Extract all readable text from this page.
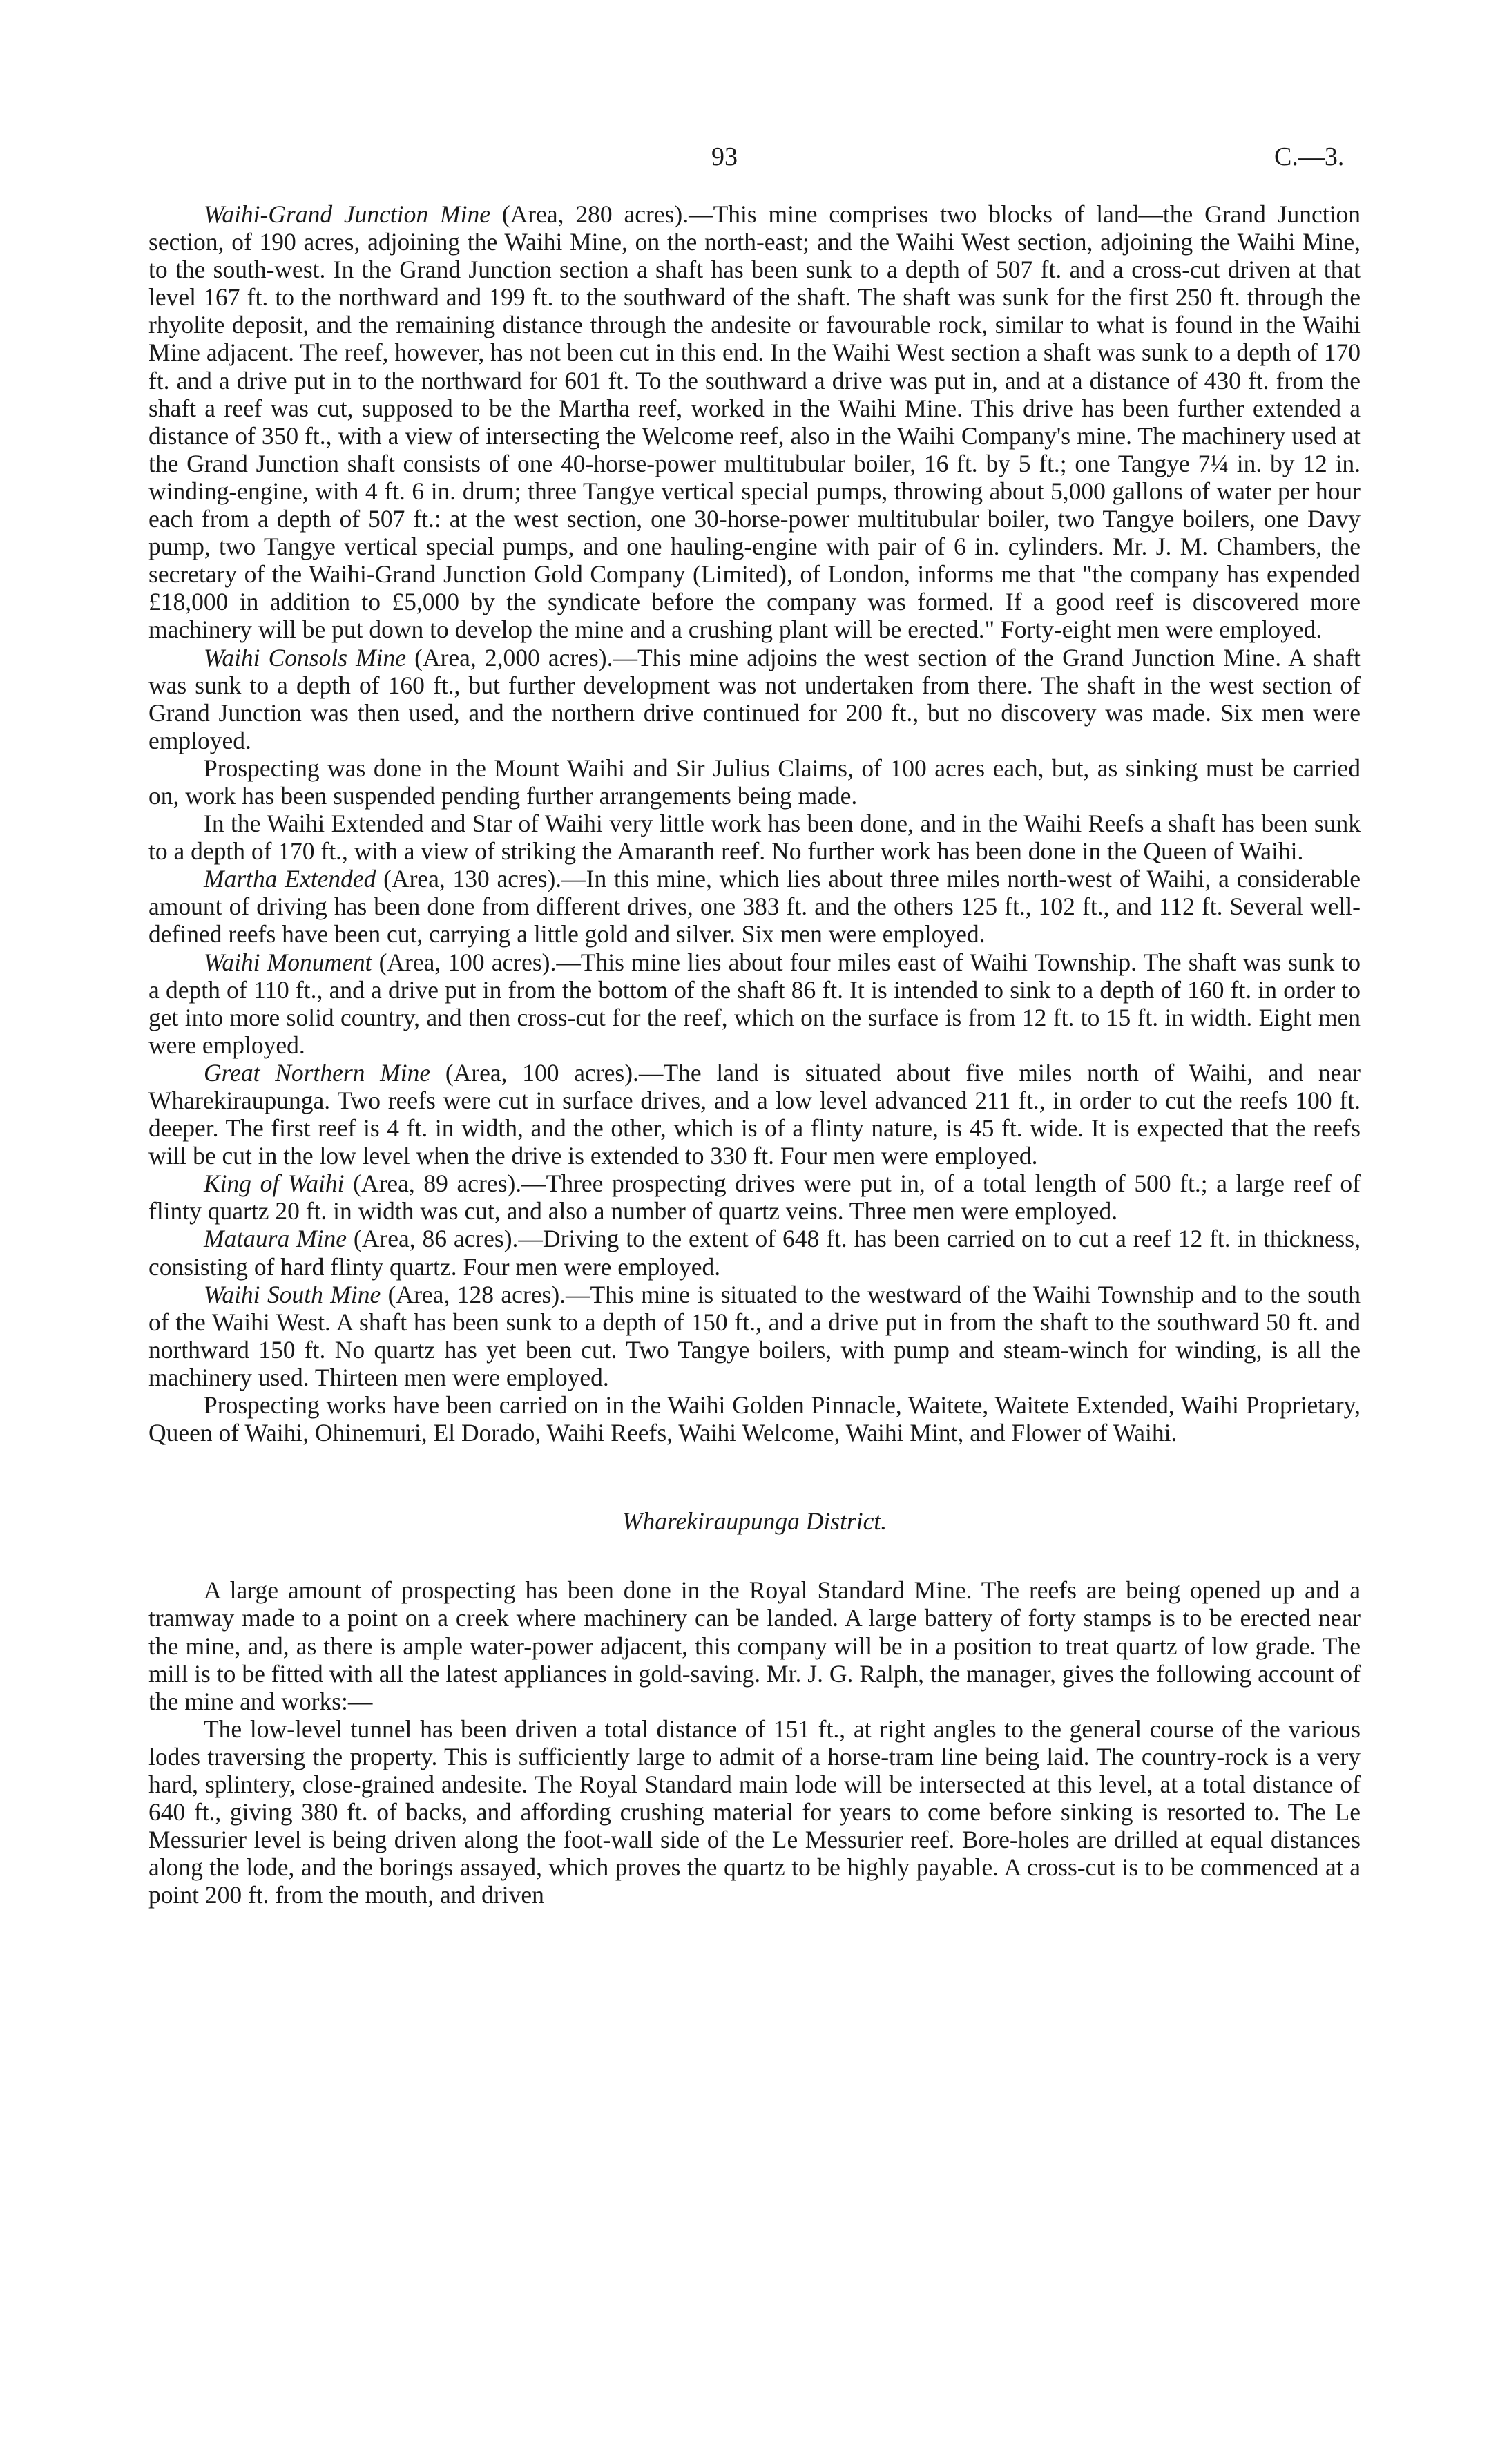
93	C.—3.

Waihi-Grand Junction Mine (Area, 280 acres).—This mine comprises two blocks of land—the Grand Junction section, of 190 acres, adjoining the Waihi Mine, on the north-east; and the Waihi West section, adjoining the Waihi Mine, to the south-west. In the Grand Junction section a shaft has been sunk to a depth of 507 ft. and a cross-cut driven at that level 167 ft. to the northward and 199 ft. to the southward of the shaft. The shaft was sunk for the first 250 ft. through the rhyolite deposit, and the remaining distance through the andesite or favourable rock, similar to what is found in the Waihi Mine adjacent. The reef, however, has not been cut in this end. In the Waihi West section a shaft was sunk to a depth of 170 ft. and a drive put in to the northward for 601 ft. To the southward a drive was put in, and at a distance of 430 ft. from the shaft a reef was cut, supposed to be the Martha reef, worked in the Waihi Mine. This drive has been further extended a distance of 350 ft., with a view of intersecting the Welcome reef, also in the Waihi Company's mine. The machinery used at the Grand Junction shaft consists of one 40-horse-power multitubular boiler, 16 ft. by 5 ft.; one Tangye 7¼ in. by 12 in. winding-engine, with 4 ft. 6 in. drum; three Tangye vertical special pumps, throwing about 5,000 gallons of water per hour each from a depth of 507 ft.: at the west section, one 30-horse-power multitubular boiler, two Tangye boilers, one Davy pump, two Tangye vertical special pumps, and one hauling-engine with pair of 6 in. cylinders. Mr. J. M. Chambers, the secretary of the Waihi-Grand Junction Gold Company (Limited), of London, informs me that "the company has expended £18,000 in addition to £5,000 by the syndicate before the company was formed. If a good reef is discovered more machinery will be put down to develop the mine and a crushing plant will be erected." Forty-eight men were employed.

Waihi Consols Mine (Area, 2,000 acres).—This mine adjoins the west section of the Grand Junction Mine. A shaft was sunk to a depth of 160 ft., but further development was not undertaken from there. The shaft in the west section of Grand Junction was then used, and the northern drive continued for 200 ft., but no discovery was made. Six men were employed.

Prospecting was done in the Mount Waihi and Sir Julius Claims, of 100 acres each, but, as sinking must be carried on, work has been suspended pending further arrangements being made.

In the Waihi Extended and Star of Waihi very little work has been done, and in the Waihi Reefs a shaft has been sunk to a depth of 170 ft., with a view of striking the Amaranth reef. No further work has been done in the Queen of Waihi.

Martha Extended (Area, 130 acres).—In this mine, which lies about three miles north-west of Waihi, a considerable amount of driving has been done from different drives, one 383 ft. and the others 125 ft., 102 ft., and 112 ft. Several well-defined reefs have been cut, carrying a little gold and silver. Six men were employed.

Waihi Monument (Area, 100 acres).—This mine lies about four miles east of Waihi Township. The shaft was sunk to a depth of 110 ft., and a drive put in from the bottom of the shaft 86 ft. It is intended to sink to a depth of 160 ft. in order to get into more solid country, and then cross-cut for the reef, which on the surface is from 12 ft. to 15 ft. in width. Eight men were employed.

Great Northern Mine (Area, 100 acres).—The land is situated about five miles north of Waihi, and near Wharekiraupunga. Two reefs were cut in surface drives, and a low level advanced 211 ft., in order to cut the reefs 100 ft. deeper. The first reef is 4 ft. in width, and the other, which is of a flinty nature, is 45 ft. wide. It is expected that the reefs will be cut in the low level when the drive is extended to 330 ft. Four men were employed.

King of Waihi (Area, 89 acres).—Three prospecting drives were put in, of a total length of 500 ft.; a large reef of flinty quartz 20 ft. in width was cut, and also a number of quartz veins. Three men were employed.

Mataura Mine (Area, 86 acres).—Driving to the extent of 648 ft. has been carried on to cut a reef 12 ft. in thickness, consisting of hard flinty quartz. Four men were employed.

Waihi South Mine (Area, 128 acres).—This mine is situated to the westward of the Waihi Township and to the south of the Waihi West. A shaft has been sunk to a depth of 150 ft., and a drive put in from the shaft to the southward 50 ft. and northward 150 ft. No quartz has yet been cut. Two Tangye boilers, with pump and steam-winch for winding, is all the machinery used. Thirteen men were employed.

Prospecting works have been carried on in the Waihi Golden Pinnacle, Waitete, Waitete Extended, Waihi Proprietary, Queen of Waihi, Ohinemuri, El Dorado, Waihi Reefs, Waihi Welcome, Waihi Mint, and Flower of Waihi.

Wharekiraupunga District.

A large amount of prospecting has been done in the Royal Standard Mine. The reefs are being opened up and a tramway made to a point on a creek where machinery can be landed. A large battery of forty stamps is to be erected near the mine, and, as there is ample water-power adjacent, this company will be in a position to treat quartz of low grade. The mill is to be fitted with all the latest appliances in gold-saving. Mr. J. G. Ralph, the manager, gives the following account of the mine and works:—

The low-level tunnel has been driven a total distance of 151 ft., at right angles to the general course of the various lodes traversing the property. This is sufficiently large to admit of a horse-tram line being laid. The country-rock is a very hard, splintery, close-grained andesite. The Royal Standard main lode will be intersected at this level, at a total distance of 640 ft., giving 380 ft. of backs, and affording crushing material for years to come before sinking is resorted to. The Le Messurier level is being driven along the foot-wall side of the Le Messurier reef. Bore-holes are drilled at equal distances along the lode, and the borings assayed, which proves the quartz to be highly payable. A cross-cut is to be commenced at a point 200 ft. from the mouth, and driven
